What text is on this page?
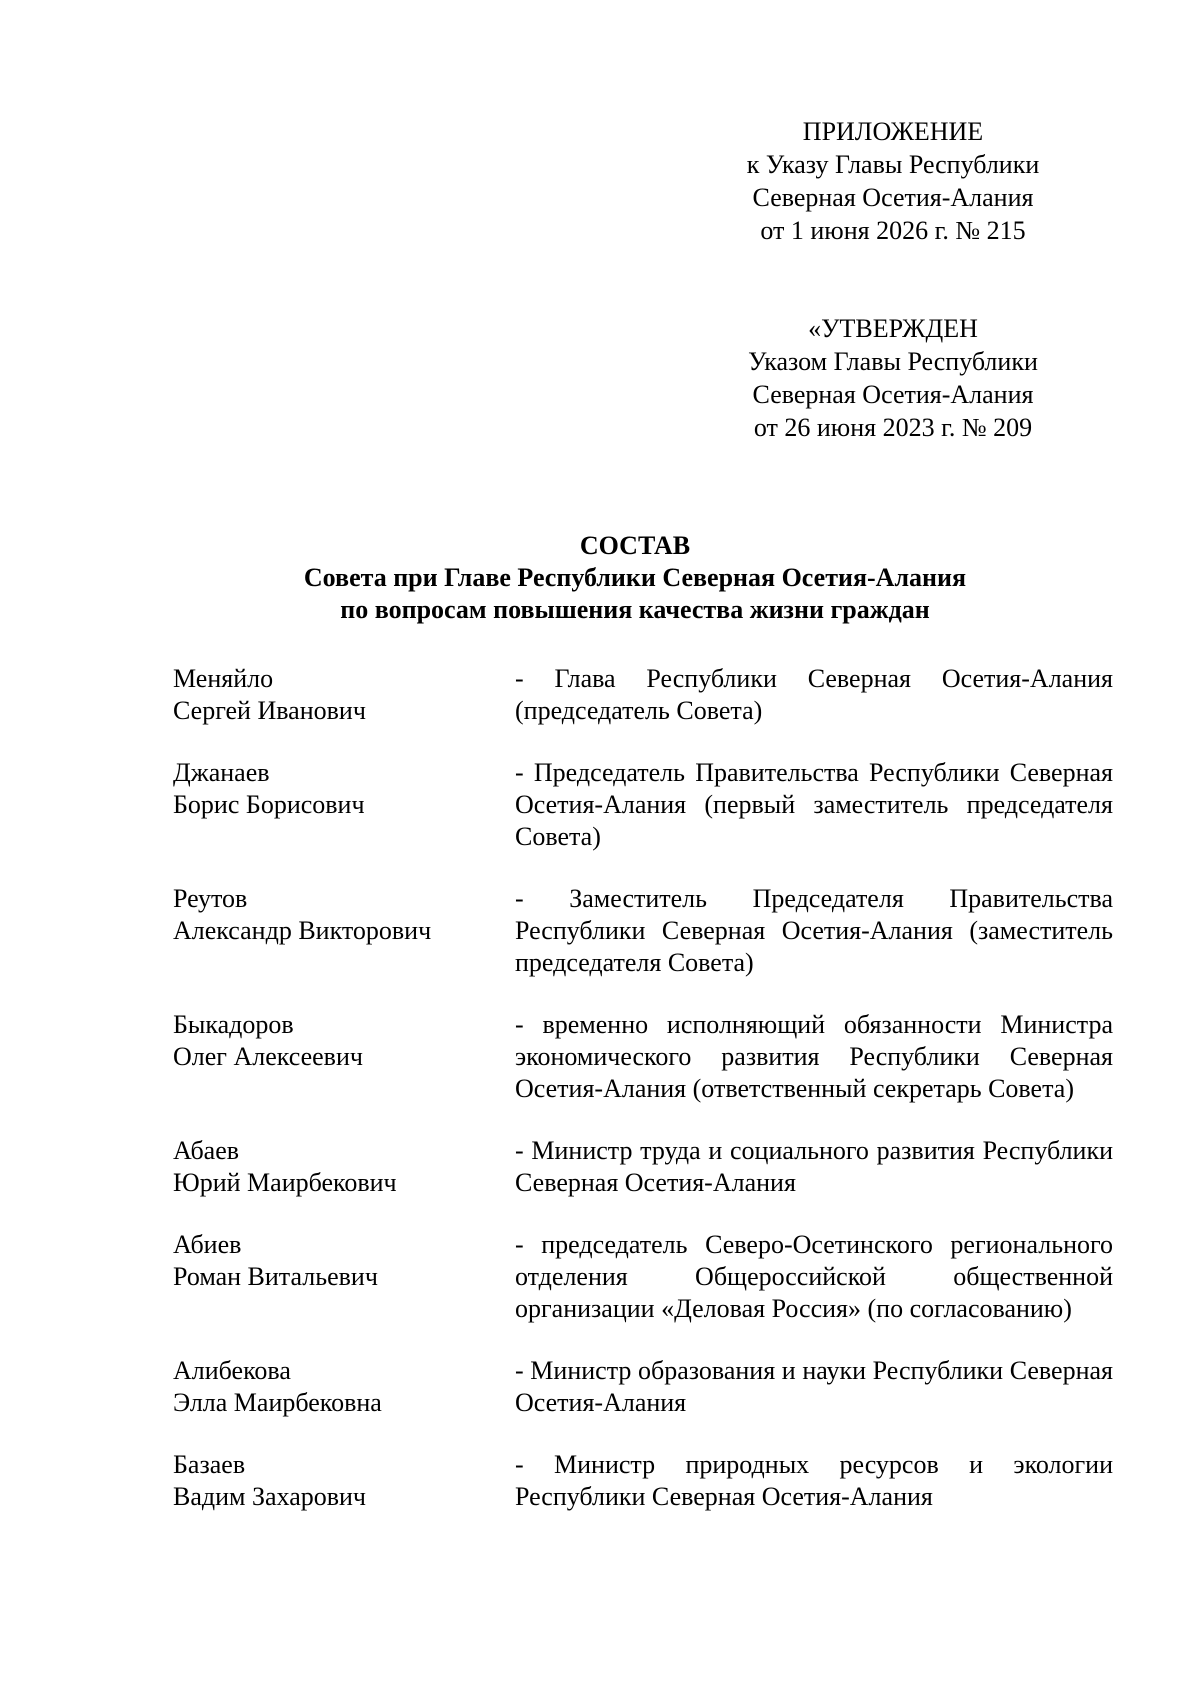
ПРИЛОЖЕНИЕ
к Указу Главы Республики
Северная Осетия-Алания
от 1 июня 2026 г. № 215
«УТВЕРЖДЕН
Указом Главы Республики
Северная Осетия-Алания
от 26 июня 2023 г. № 209
СОСТАВ
Совета при Главе Республики Северная Осетия-Алания
по вопросам повышения качества жизни граждан
Меняйло
Сергей Иванович
- Глава Республики Северная Осетия-Алания (председатель Совета)
Джанаев
Борис Борисович
- Председатель Правительства Республики Северная Осетия-Алания (первый заместитель председателя Совета)
Реутов
Александр Викторович
- Заместитель Председателя Правительства Республики Северная Осетия-Алания (заместитель председателя Совета)
Быкадоров
Олег Алексеевич
- временно исполняющий обязанности Министра экономического развития Республики Северная Осетия-Алания (ответственный секретарь Совета)
Абаев
Юрий Маирбекович
- Министр труда и социального развития Республики Северная Осетия-Алания
Абиев
Роман Витальевич
- председатель Северо-Осетинского регионального отделения Общероссийской общественной организации «Деловая Россия» (по согласованию)
Алибекова
Элла Маирбековна
- Министр образования и науки Республики Северная Осетия-Алания
Базаев
Вадим Захарович
- Министр природных ресурсов и экологии Республики Северная Осетия-Алания
